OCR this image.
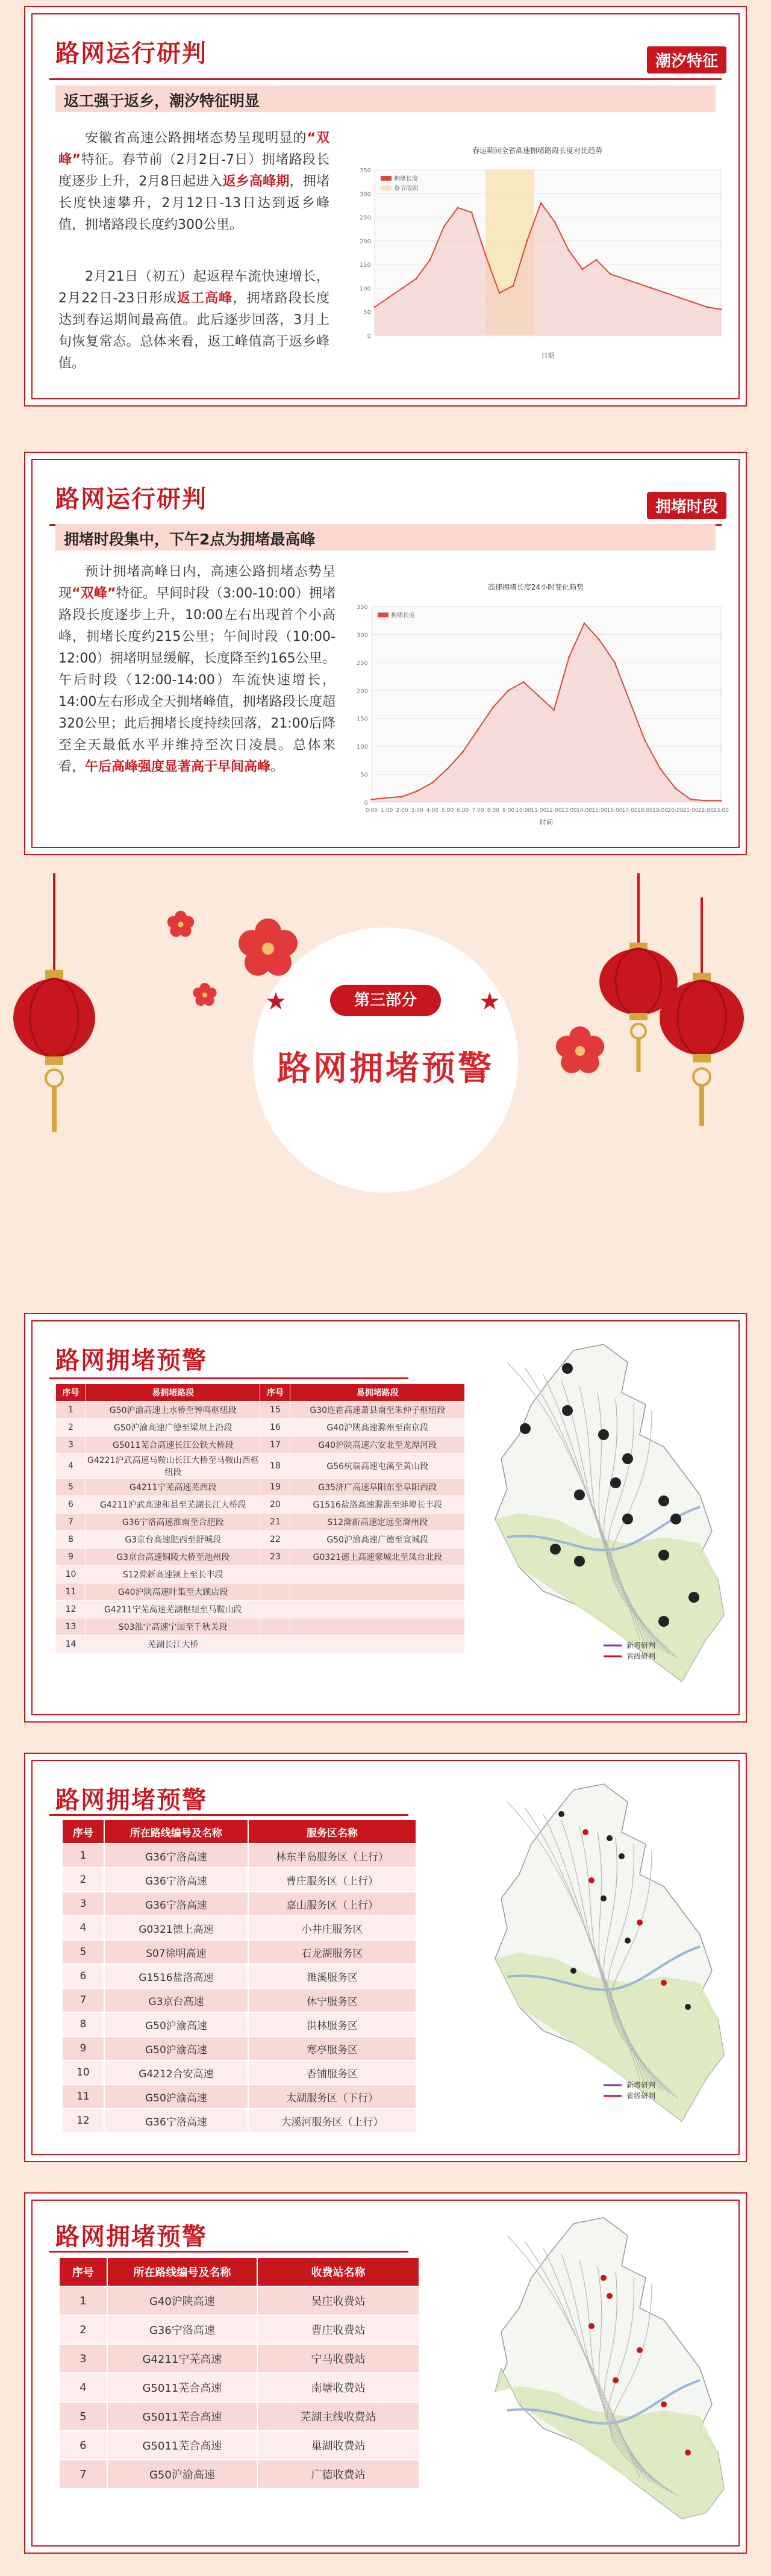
路网运行研判	潮汐特征
返工强于返乡，潮汐特征明显
安徽省高速公路拥堵态势呈现明显的“双峰”特征。春节前（2月2日-7日）拥堵路段长度逐步上升，2月8日起进入返乡高峰期，拥堵长度快速攀升，2月12日-13日达到返乡峰值，拥堵路段长度约300公里。
2月21日（初五）起返程车流快速增长，2月22日-23日形成返工高峰，拥堵路段长度达到春运期间最高值。此后逐步回落，3月上旬恢复常态。总体来看，返工峰值高于返乡峰值。
春运期间全省高速拥堵路段长度对比趋势
0
50
100
150
200
250
300
350
日期
拥堵长度
春节假期
路网运行研判	拥堵时段
拥堵时段集中，下午2点为拥堵最高峰
预计拥堵高峰日内，高速公路拥堵态势呈现“双峰”特征。早间时段（3:00-10:00）拥堵路段长度逐步上升，10:00左右出现首个小高峰，拥堵长度约215公里；午间时段（10:00-12:00）拥堵明显缓解，长度降至约165公里。午后时段（12:00-14:00）车流快速增长，14:00左右形成全天拥堵峰值，拥堵路段长度超320公里；此后拥堵长度持续回落，21:00后降至全天最低水平并维持至次日凌晨。总体来看，午后高峰强度显著高于早间高峰。
高速拥堵长度24小时变化趋势
0
50
100
150
200
250
300
350
0:00 1:00 2:00 3:00 4:00 5:00 6:00 7:00 8:00 9:00 10:00 11:00 12:00 13:00 14:00 15:00 16:00 17:00 18:00 19:00 20:00 21:00 22:00 23:00
时间
拥堵长度
第三部分
★	★
路网拥堵预警
路网拥堵预警
序号	易拥堵路段	序号	易拥堵路段
1	G50沪渝高速上水桥至钟鸣枢纽段	15	G30连霍高速萧县南至朱仲子枢纽段
2	G50沪渝高速广德至梁坝上沿段	16	G40沪陕高速滁州至南京段
3	G5011芜合高速长江公铁大桥段	17	G40沪陕高速六安北至龙潭河段
4	G4221沪武高速马鞍山长江大桥至马鞍山西枢纽段	18	G56杭瑞高速屯溪至黄山段
5	G4211宁芜高速芜西段	19	G35济广高速阜阳东至阜阳西段
6	G4211沪武高速和县至芜湖长江大桥段	20	G1516盐洛高速滁淮至蚌埠长丰段
7	G36宁洛高速淮南至合肥段	21	S12滁新高速定远至滁州段
8	G3京台高速肥西至舒城段	22	G50沪渝高速广德至宣城段
9	G3京台高速铜陵大桥至池州段	23	G0321德上高速蒙城北至凤台北段
10	S12滁新高速颍上至长丰段		
11	G40沪陕高速叶集至大顾店段		
12	G4211宁芜高速芜湖枢纽至马鞍山段		
13	S03淮宁高速宁国至千秋关段		
14	芜湖长江大桥			新增研判
省级研判
路网拥堵预警
序号	所在路线编号及名称	服务区名称
1	G36宁洛高速	林东半岛服务区（上行）
2	G36宁洛高速	曹庄服务区（上行）
3	G36宁洛高速	嘉山服务区（上行）
4	G0321德上高速	小井庄服务区
5	S07徐明高速	石龙湖服务区
6	G1516盐洛高速	濉溪服务区
7	G3京台高速	休宁服务区
8	G50沪渝高速	洪林服务区
9	G50沪渝高速	寒亭服务区
10	G4212合安高速	香铺服务区
11	G50沪渝高速	太湖服务区（下行）
12	G36宁洛高速	大溪河服务区（上行）
新增研判
省级研判
路网拥堵预警
序号	所在路线编号及名称	收费站名称
1	G40沪陕高速	吴庄收费站
2	G36宁洛高速	曹庄收费站
3	G4211宁芜高速	宁马收费站
4	G5011芜合高速	南塘收费站
5	G5011芜合高速	芜湖主线收费站
6	G5011芜合高速	巢湖收费站
7	G50沪渝高速	广德收费站
